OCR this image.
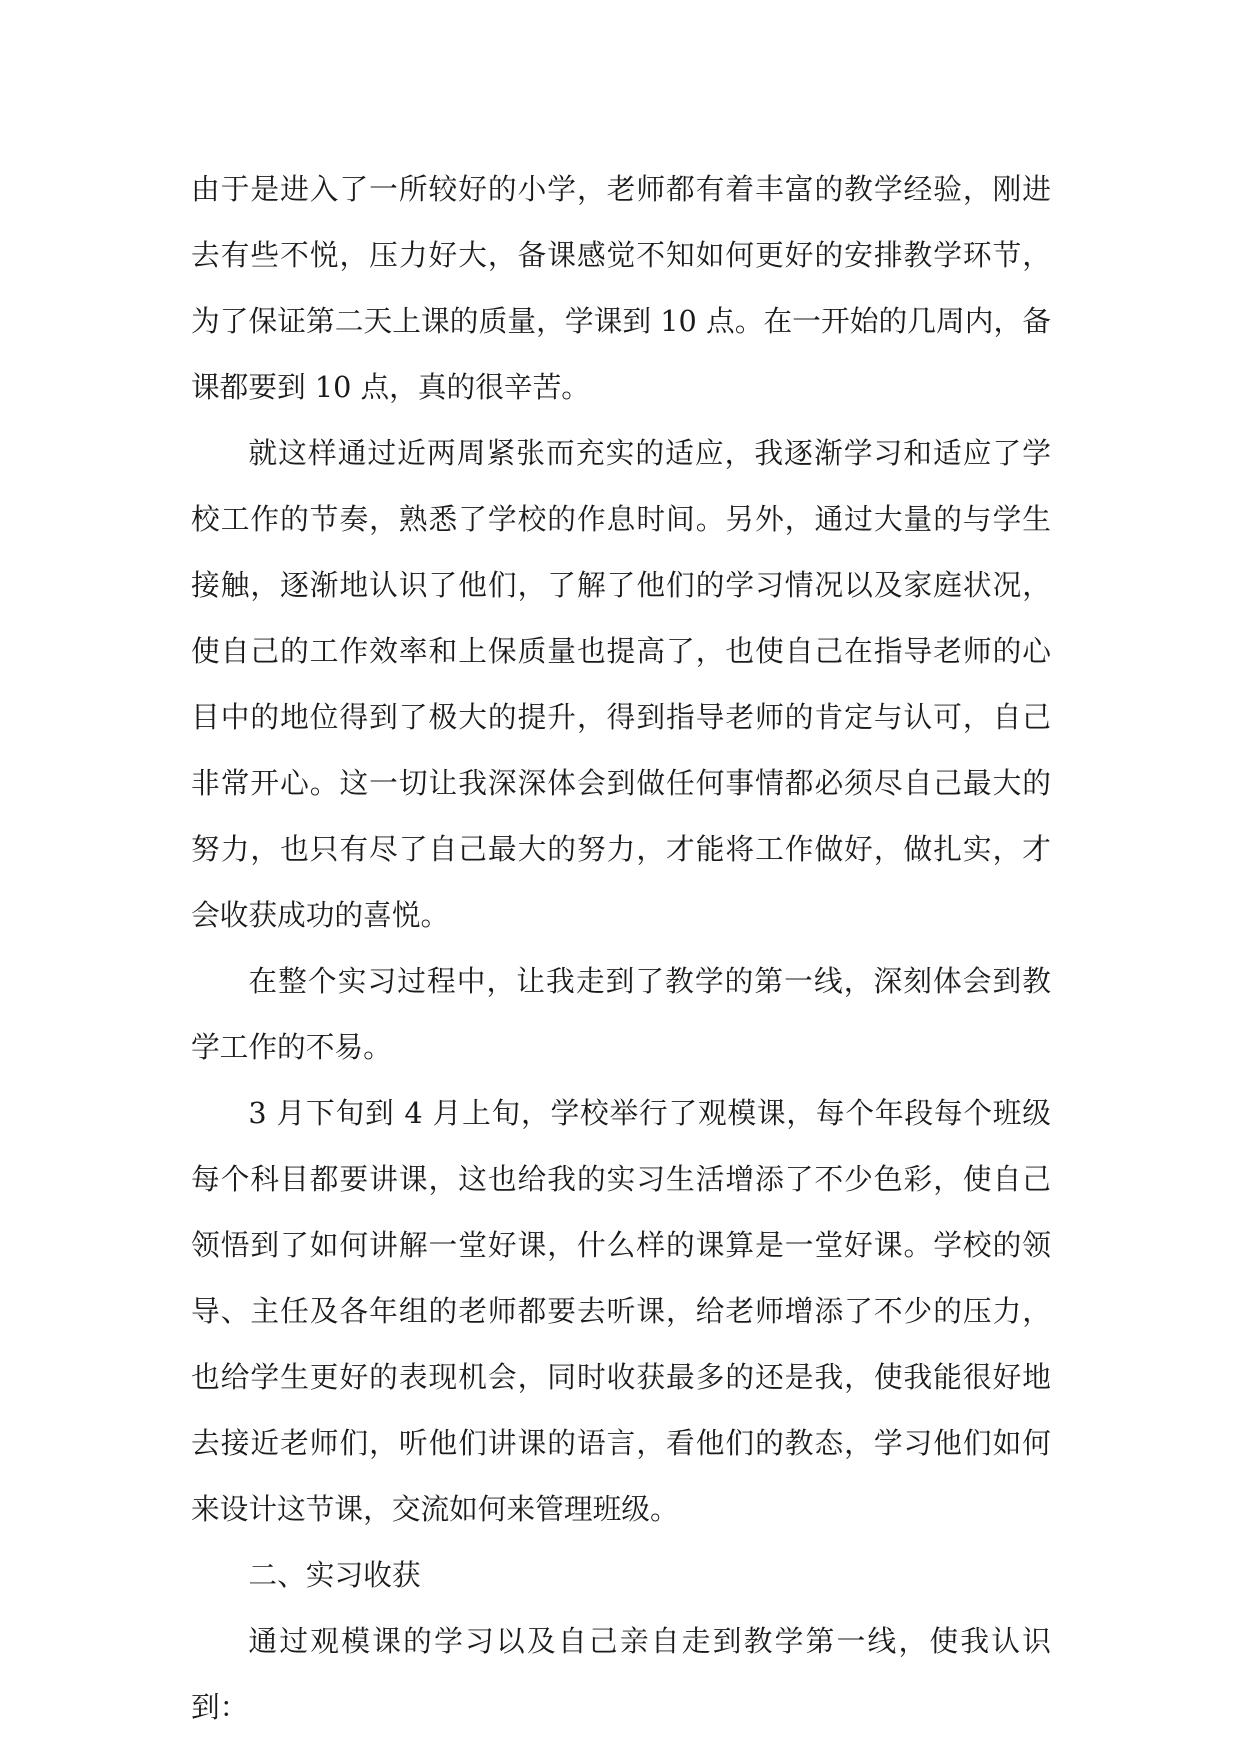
由于是进入了一所较好的小学，老师都有着丰富的教学经验，刚进去有些不悦，压力好大，备课感觉不知如何更好的安排教学环节，为了保证第二天上课的质量，学课到 10 点。在一开始的几周内，备课都要到 10 点，真的很辛苦。

就这样通过近两周紧张而充实的适应，我逐渐学习和适应了学校工作的节奏，熟悉了学校的作息时间。另外，通过大量的与学生接触，逐渐地认识了他们，了解了他们的学习情况以及家庭状况，使自己的工作效率和上保质量也提高了，也使自己在指导老师的心目中的地位得到了极大的提升，得到指导老师的肯定与认可，自己非常开心。这一切让我深深体会到做任何事情都必须尽自己最大的努力，也只有尽了自己最大的努力，才能将工作做好，做扎实，才会收获成功的喜悦。

在整个实习过程中，让我走到了教学的第一线，深刻体会到教学工作的不易。

3 月下旬到 4 月上旬，学校举行了观模课，每个年段每个班级每个科目都要讲课，这也给我的实习生活增添了不少色彩，使自己领悟到了如何讲解一堂好课，什么样的课算是一堂好课。学校的领导、主任及各年组的老师都要去听课，给老师增添了不少的压力，也给学生更好的表现机会，同时收获最多的还是我，使我能很好地去接近老师们，听他们讲课的语言，看他们的教态，学习他们如何来设计这节课，交流如何来管理班级。

二、实习收获

通过观模课的学习以及自己亲自走到教学第一线，使我认识到：
